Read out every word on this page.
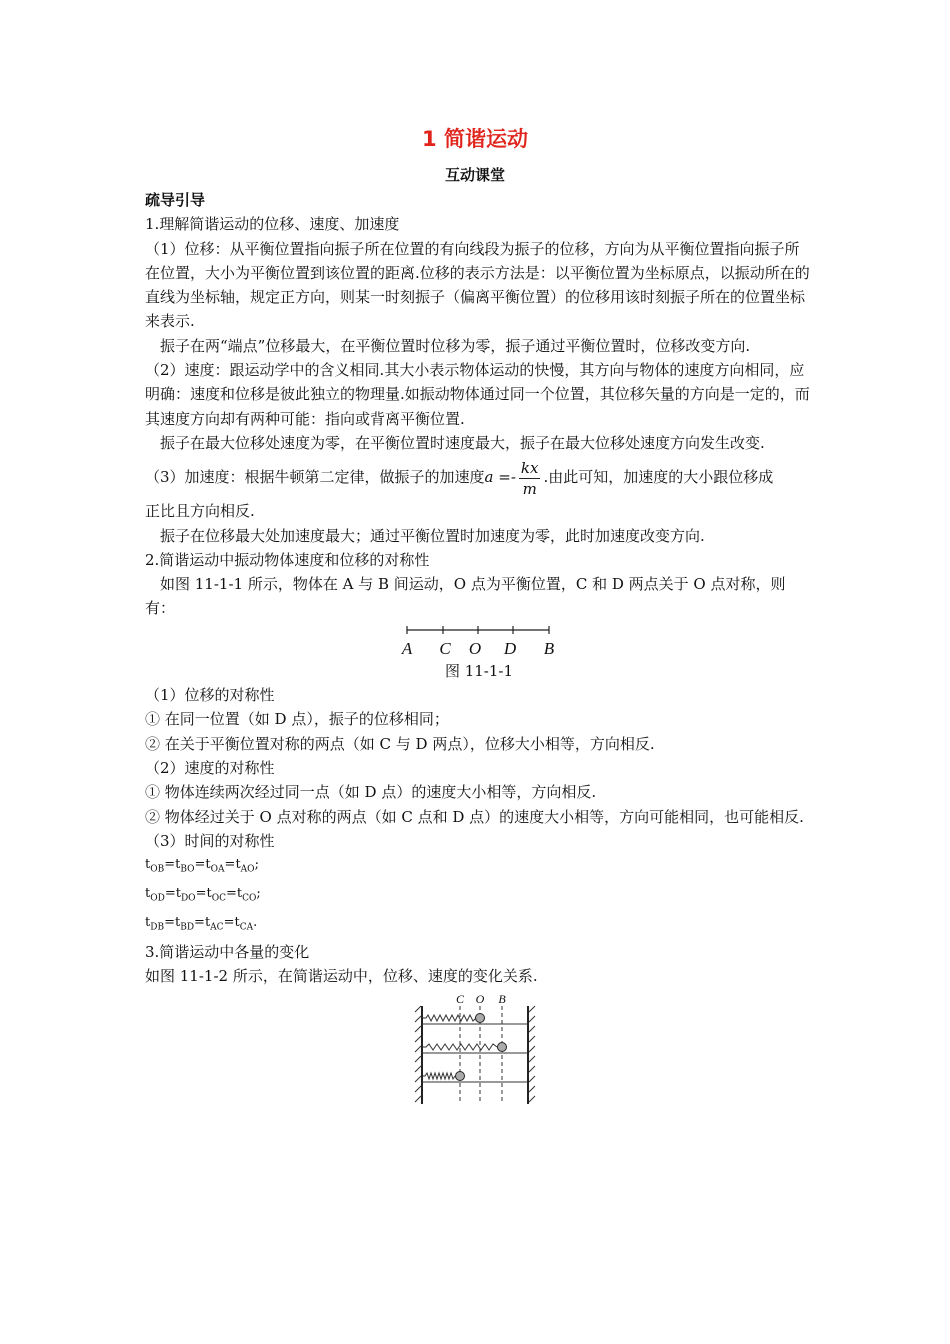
1 简谐运动
互动课堂

疏导引导

1.理解简谐运动的位移、速度、加速度

（1）位移：从平衡位置指向振子所在位置的有向线段为振子的位移，方向为从平衡位置指向振子所在位置，大小为平衡位置到该位置的距离.位移的表示方法是：以平衡位置为坐标原点，以振动所在的直线为坐标轴，规定正方向，则某一时刻振子（偏离平衡位置）的位移用该时刻振子所在的位置坐标来表示.

振子在两“端点”位移最大，在平衡位置时位移为零，振子通过平衡位置时，位移改变方向.

（2）速度：跟运动学中的含义相同.其大小表示物体运动的快慢，其方向与物体的速度方向相同，应明确：速度和位移是彼此独立的物理量.如振动物体通过同一个位置，其位移矢量的方向是一定的，而其速度方向却有两种可能：指向或背离平衡位置.

振子在最大位移处速度为零，在平衡位置时速度最大，振子在最大位移处速度方向发生改变.

（3）加速度：根据牛顿第二定律，做振子的加速度$a =- \frac{kx}{m}$ .由此可知，加速度的大小跟位移成

正比且方向相反.

振子在位移最大处加速度最大；通过平衡位置时加速度为零，此时加速度改变方向.

2.简谐运动中振动物体速度和位移的对称性

如图 11-1-1 所示，物体在 A 与 B 间运动，O 点为平衡位置，C 和 D 两点关于 O 点对称，则有：

A C O D B

图 11-1-1

（1）位移的对称性

① 在同一位置（如 D 点），振子的位移相同；

② 在关于平衡位置对称的两点（如 C 与 D 两点），位移大小相等，方向相反.

（2）速度的对称性

① 物体连续两次经过同一点（如 D 点）的速度大小相等，方向相反.

② 物体经过关于 O 点对称的两点（如 C 点和 D 点）的速度大小相等，方向可能相同，也可能相反.

（3）时间的对称性

$t_{OB}=t_{BO}=t_{OA}=t_{AO}$;

$t_{OD}=t_{DO}=t_{OC}=t_{CO}$;

$t_{DB}=t_{BD}=t_{AC}=t_{CA}$.

3.简谐运动中各量的变化

如图 11-1-2 所示，在简谐运动中，位移、速度的变化关系.

C O B
